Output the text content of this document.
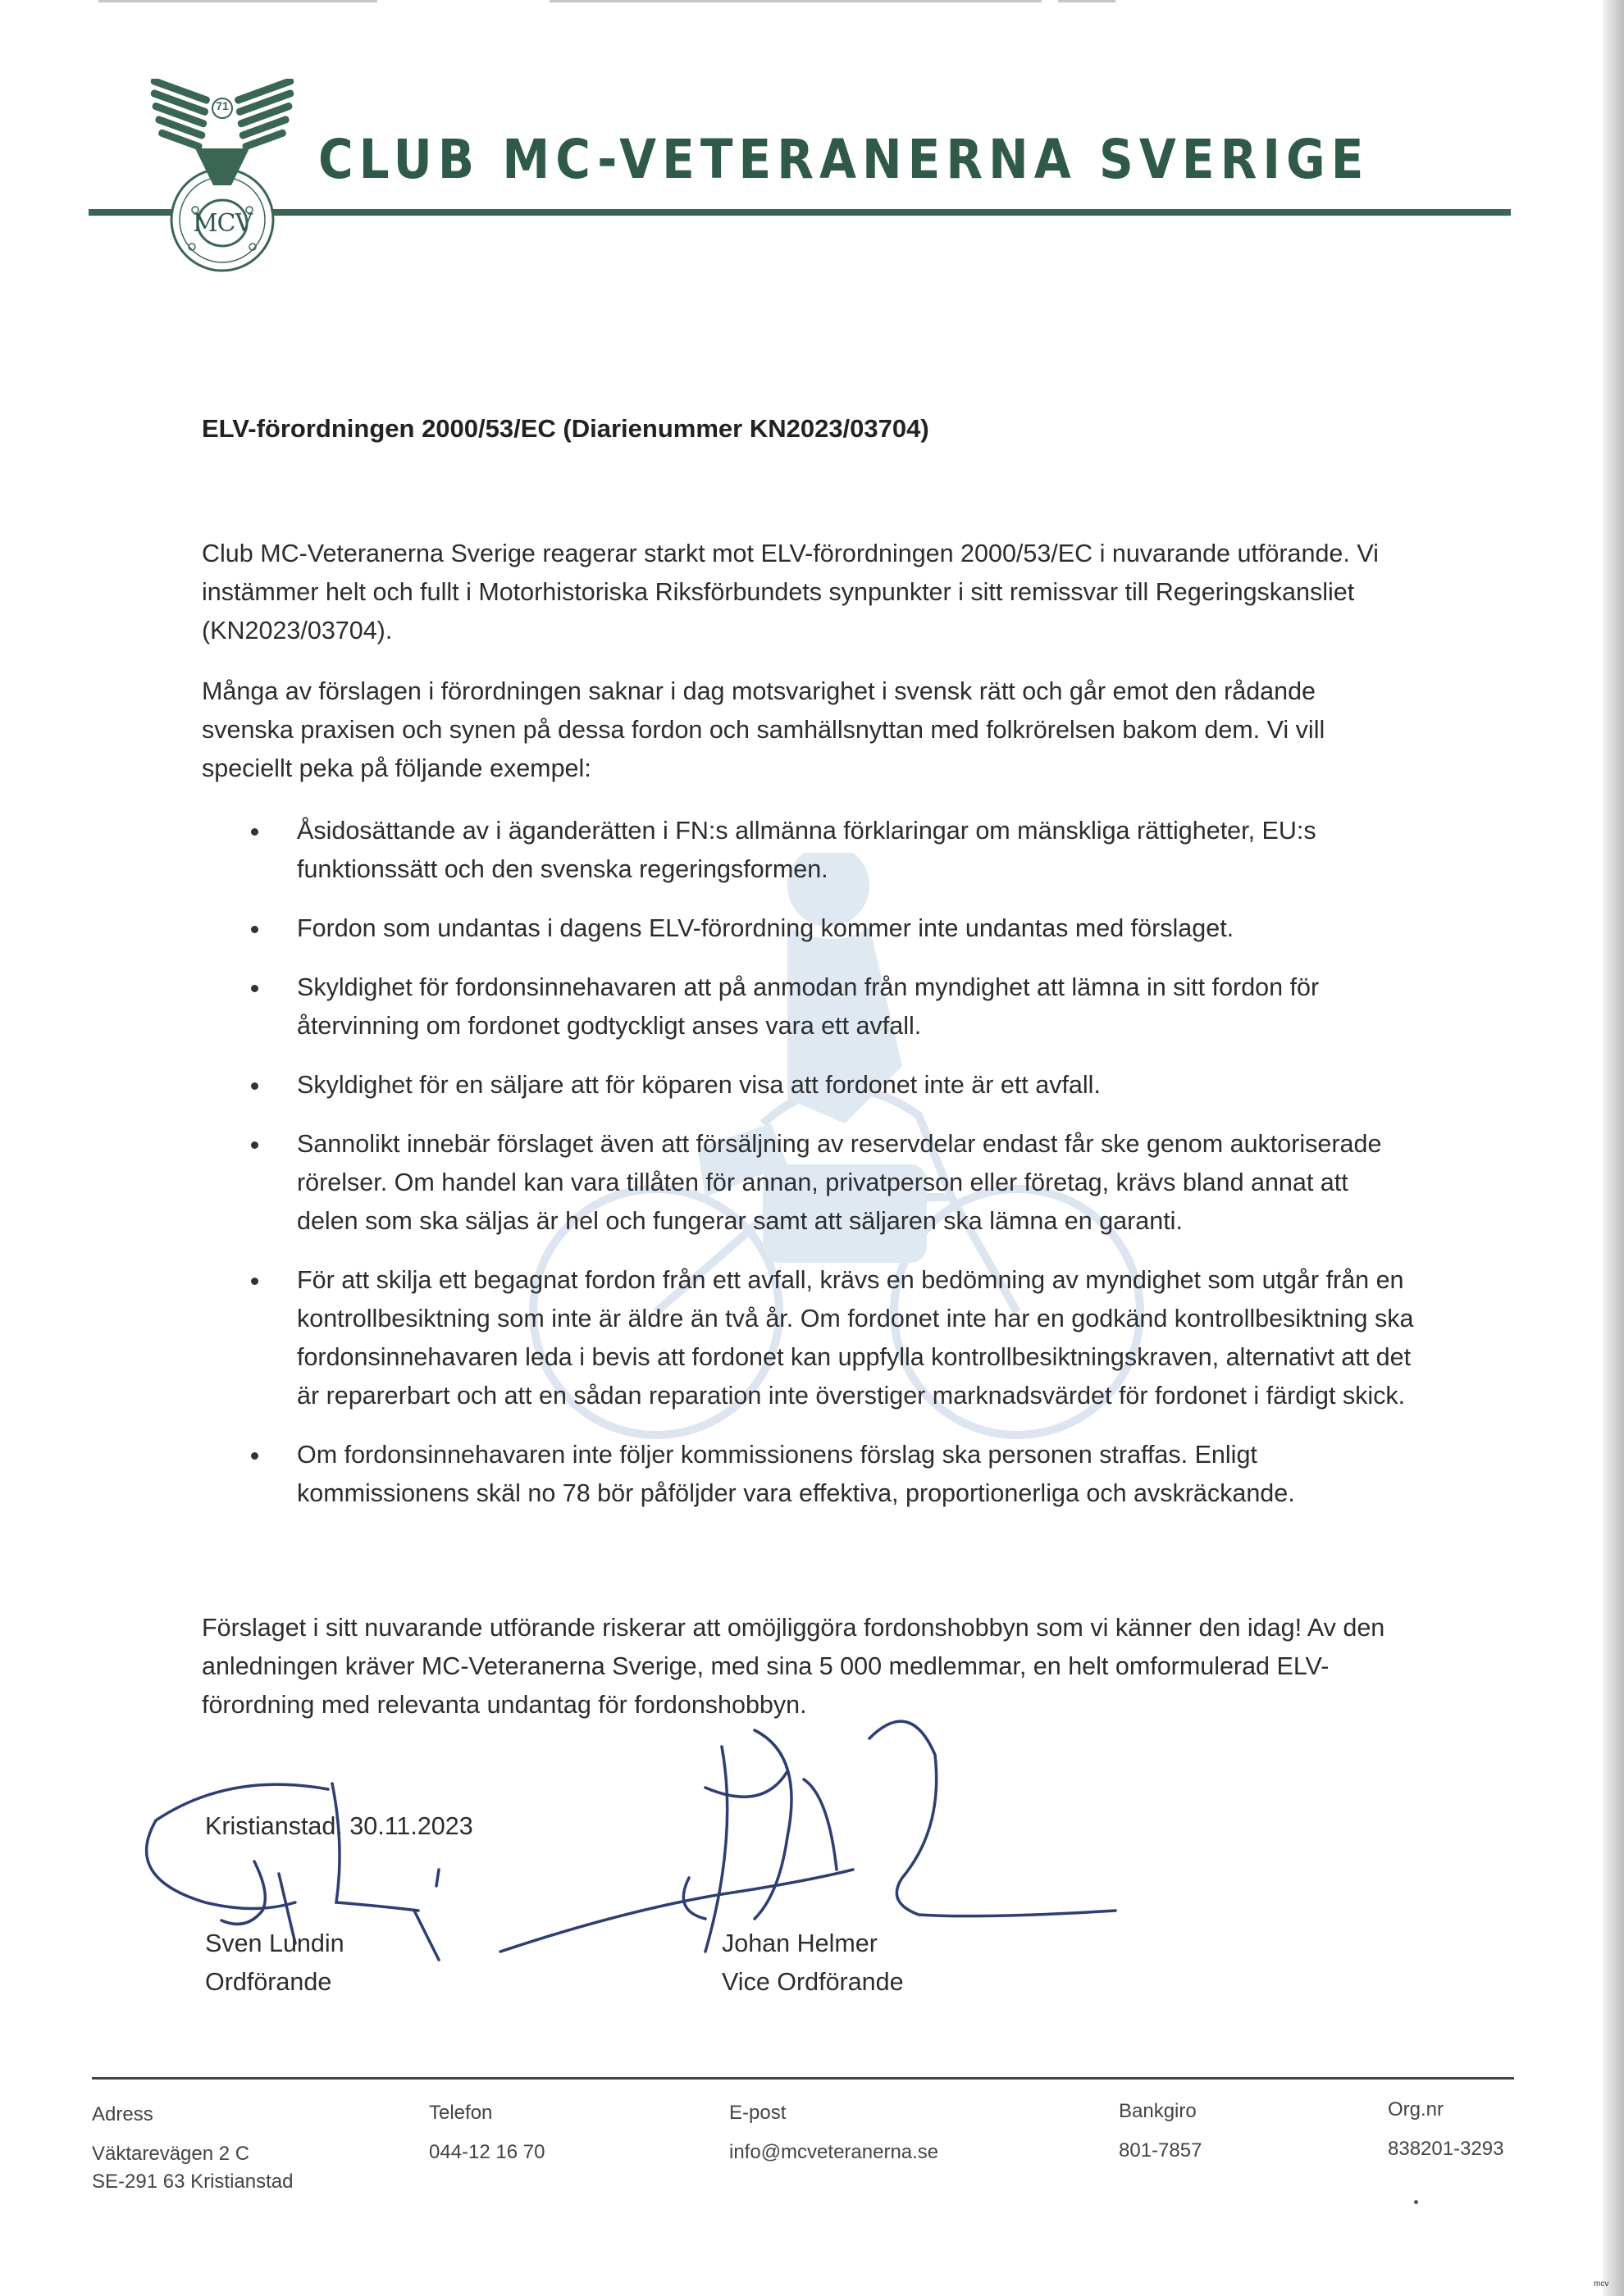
71
MCV
CLUB MC-VETERANERNA SVERIGE
ELV-förordningen 2000/53/EC (Diarienummer KN2023/03704)

Club MC-Veteranerna Sverige reagerar starkt mot ELV-förordningen 2000/53/EC i nuvarande utförande. Vi instämmer helt och fullt i Motorhistoriska Riksförbundets synpunkter i sitt remissvar till Regeringskansliet (KN2023/03704).

Många av förslagen i förordningen saknar i dag motsvarighet i svensk rätt och går emot den rådande svenska praxisen och synen på dessa fordon och samhällsnyttan med folkrörelsen bakom dem. Vi vill speciellt peka på följande exempel:

Åsidosättande av i äganderätten i FN:s allmänna förklaringar om mänskliga rättigheter, EU:s funktionssätt och den svenska regeringsformen.
Fordon som undantas i dagens ELV-förordning kommer inte undantas med förslaget.
Skyldighet för fordonsinnehavaren att på anmodan från myndighet att lämna in sitt fordon för återvinning om fordonet godtyckligt anses vara ett avfall.
Skyldighet för en säljare att för köparen visa att fordonet inte är ett avfall.
Sannolikt innebär förslaget även att försäljning av reservdelar endast får ske genom auktoriserade rörelser. Om handel kan vara tillåten för annan, privatperson eller företag, krävs bland annat att delen som ska säljas är hel och fungerar samt att säljaren ska lämna en garanti.
För att skilja ett begagnat fordon från ett avfall, krävs en bedömning av myndighet som utgår från en kontrollbesiktning som inte är äldre än två år. Om fordonet inte har en godkänd kontrollbesiktning ska fordonsinnehavaren leda i bevis att fordonet kan uppfylla kontrollbesiktningskraven, alternativt att det är reparerbart och att en sådan reparation inte överstiger marknadsvärdet för fordonet i färdigt skick.
Om fordonsinnehavaren inte följer kommissionens förslag ska personen straffas. Enligt kommissionens skäl no 78 bör påföljder vara effektiva, proportionerliga och avskräckande.

Förslaget i sitt nuvarande utförande riskerar att omöjliggöra fordonshobbyn som vi känner den idag! Av den anledningen kräver MC-Veteranerna Sverige, med sina 5 000 medlemmar, en helt omformulerad ELV-förordning med relevanta undantag för fordonshobbyn.

Kristianstad, 30.11.2023
Sven Lundin
Ordförande
Johan Helmer
Vice Ordförande
Adress
Väktarevägen 2 C
SE-291 63 Kristianstad
Telefon
044-12 16 70
E-post
info@mcveteranerna.se
Bankgiro
801-7857
Org.nr
838201-3293
mcv
